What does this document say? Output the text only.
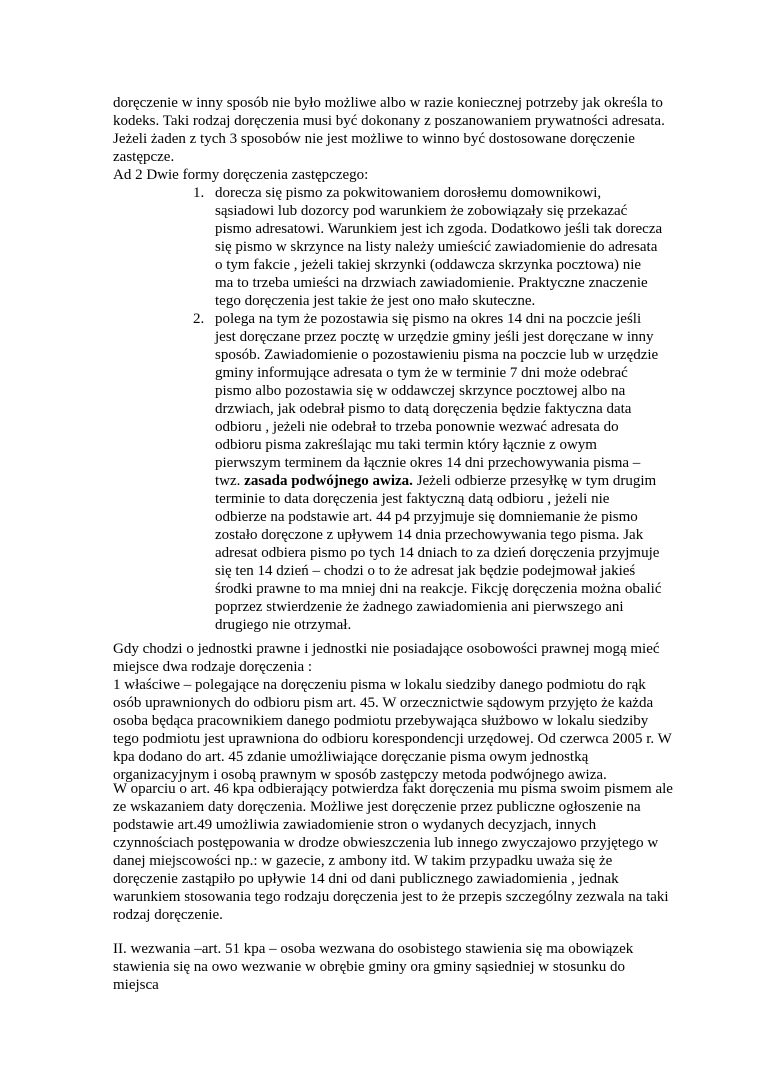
doręczenie w inny sposób nie było możliwe albo w razie koniecznej potrzeby jak określa to kodeks. Taki rodzaj doręczenia musi być dokonany z poszanowaniem prywatności adresata. Jeżeli żaden z tych 3 sposobów nie jest możliwe to winno być dostosowane doręczenie zastępcze.

Ad 2 Dwie formy doręczenia zastępczego:

1. dorecza się pismo za pokwitowaniem dorosłemu domownikowi, sąsiadowi lub dozorcy pod warunkiem że zobowiązały się przekazać pismo adresatowi. Warunkiem jest ich zgoda. Dodatkowo jeśli tak dorecza się pismo w skrzynce na listy należy umieścić zawiadomienie do adresata o tym fakcie , jeżeli takiej skrzynki (oddawcza skrzynka pocztowa) nie ma to trzeba umieści na drzwiach zawiadomienie. Praktyczne znaczenie tego doręczenia jest takie że jest ono mało skuteczne.
2. polega na tym że pozostawia się pismo na okres 14 dni na poczcie jeśli jest doręczane przez pocztę w urzędzie gminy jeśli jest doręczane w inny sposób. Zawiadomienie o pozostawieniu pisma na poczcie lub w urzędzie gminy informujące adresata o tym że w terminie 7 dni może odebrać pismo albo pozostawia się w oddawczej skrzynce pocztowej albo na drzwiach, jak odebrał pismo to datą doręczenia będzie faktyczna data odbioru , jeżeli nie odebrał to trzeba ponownie wezwać adresata do odbioru pisma zakreślając mu taki termin który łącznie z owym pierwszym terminem da łącznie okres 14 dni przechowywania pisma – twz. zasada podwójnego awiza. Jeżeli odbierze przesyłkę w tym drugim terminie to data doręczenia jest faktyczną datą odbioru , jeżeli nie odbierze na podstawie art. 44 p4 przyjmuje się domniemanie że pismo zostało doręczone z upływem 14 dnia przechowywania tego pisma. Jak adresat odbiera pismo po tych 14 dniach to za dzień doręczenia przyjmuje się ten 14 dzień – chodzi o to że adresat jak będzie podejmował jakieś środki prawne to ma mniej dni na reakcje. Fikcję doręczenia można obalić poprzez stwierdzenie że żadnego zawiadomienia ani pierwszego ani drugiego nie otrzymał.

Gdy chodzi o jednostki prawne i jednostki nie posiadające osobowości prawnej mogą mieć miejsce dwa rodzaje doręczenia :

1 właściwe – polegające na doręczeniu pisma w lokalu siedziby danego podmiotu do rąk osób uprawnionych do odbioru pism art. 45. W orzecznictwie sądowym przyjęto że każda osoba będąca pracownikiem danego podmiotu przebywająca służbowo w lokalu siedziby tego podmiotu jest uprawniona do odbioru korespondencji urzędowej. Od czerwca 2005 r. W kpa dodano do art. 45 zdanie umożliwiające doręczanie pisma owym jednostką organizacyjnym i osobą prawnym w sposób zastępczy metoda podwójnego awiza.

W oparciu o art. 46 kpa odbierający potwierdza fakt doręczenia mu pisma swoim pismem ale ze wskazaniem daty doręczenia. Możliwe jest doręczenie przez publiczne ogłoszenie na podstawie art.49 umożliwia zawiadomienie stron o wydanych decyzjach, innych czynnościach postępowania w drodze obwieszczenia lub innego zwyczajowo przyjętego w danej miejscowości np.: w gazecie, z ambony itd. W takim przypadku uważa się że doręczenie zastąpiło po upływie 14 dni od dani publicznego zawiadomienia , jednak warunkiem stosowania tego rodzaju doręczenia jest to że przepis szczególny zezwala na taki rodzaj doręczenie.

II. wezwania –art. 51 kpa – osoba wezwana do osobistego stawienia się ma obowiązek stawienia się na owo wezwanie w obrębie gminy ora gminy sąsiedniej w stosunku do miejsca
